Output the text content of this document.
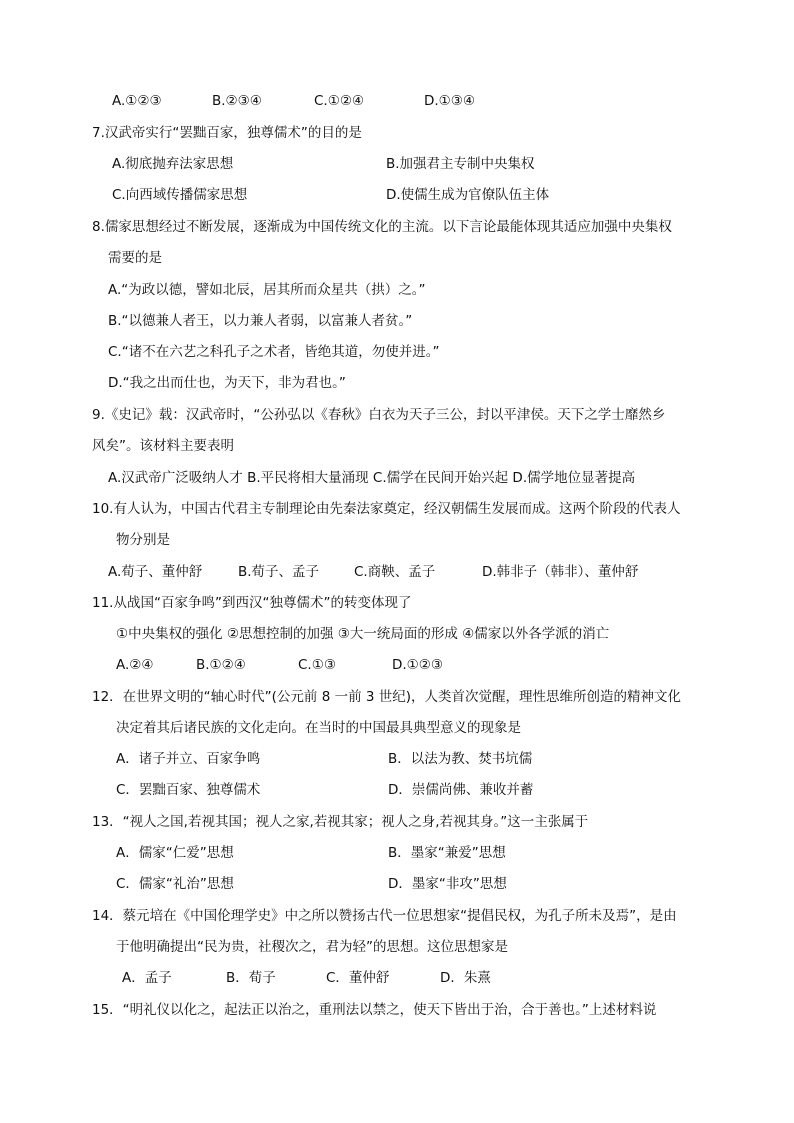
A.①②③	B.②③④	C.①②④	D.①③④
7.汉武帝实行“罢黜百家，独尊儒术”的目的是
A.彻底抛弃法家思想	B.加强君主专制中央集权
C.向西域传播儒家思想	D.使儒生成为官僚队伍主体
8.儒家思想经过不断发展，逐渐成为中国传统文化的主流。以下言论最能体现其适应加强中央集权
需要的是
A.“为政以德，譬如北辰，居其所而众星共（拱）之。”
B.“以德兼人者王，以力兼人者弱，以富兼人者贫。”
C.“诸不在六艺之科孔子之术者，皆绝其道，勿使并进。”
D.“我之出而仕也，为天下，非为君也。”
9.《史记》载：汉武帝时，“公孙弘以《春秋》白衣为天子三公，封以平津侯。天下之学士靡然乡
风矣”。该材料主要表明
A.汉武帝广泛吸纳人才 B.平民将相大量涌现 C.儒学在民间开始兴起 D.儒学地位显著提高
10.有人认为，中国古代君主专制理论由先秦法家奠定，经汉朝儒生发展而成。这两个阶段的代表人
物分别是
A.荀子、董仲舒	B.荀子、孟子	C.商鞅、孟子	D.韩非子（韩非）、董仲舒
11.从战国“百家争鸣”到西汉“独尊儒术”的转变体现了
①中央集权的强化 ②思想控制的加强 ③大一统局面的形成 ④儒家以外各学派的消亡
A.②④	B.①②④	C.①③	D.①②③
12．在世界文明的“轴心时代”(公元前 8 一前 3 世纪)，人类首次觉醒，理性思维所创造的精神文化
决定着其后诸民族的文化走向。在当时的中国最具典型意义的现象是
A．诸子并立、百家争鸣	B．以法为教、焚书坑儒
C．罢黜百家、独尊儒术	D．崇儒尚佛、兼收并蓄
13．“视人之国,若视其国；视人之家,若视其家；视人之身,若视其身。”这一主张属于
A．儒家“仁爱”思想	B．墨家“兼爱”思想
C．儒家“礼治”思想	D．墨家“非攻”思想
14．蔡元培在《中国伦理学史》中之所以赞扬古代一位思想家“提倡民权，为孔子所未及焉”，是由
于他明确提出“民为贵，社稷次之，君为轻”的思想。这位思想家是
A．孟子	B．荀子	C．董仲舒	D．朱熹
15．“明礼仪以化之，起法正以治之，重刑法以禁之，使天下皆出于治，合于善也。”上述材料说
